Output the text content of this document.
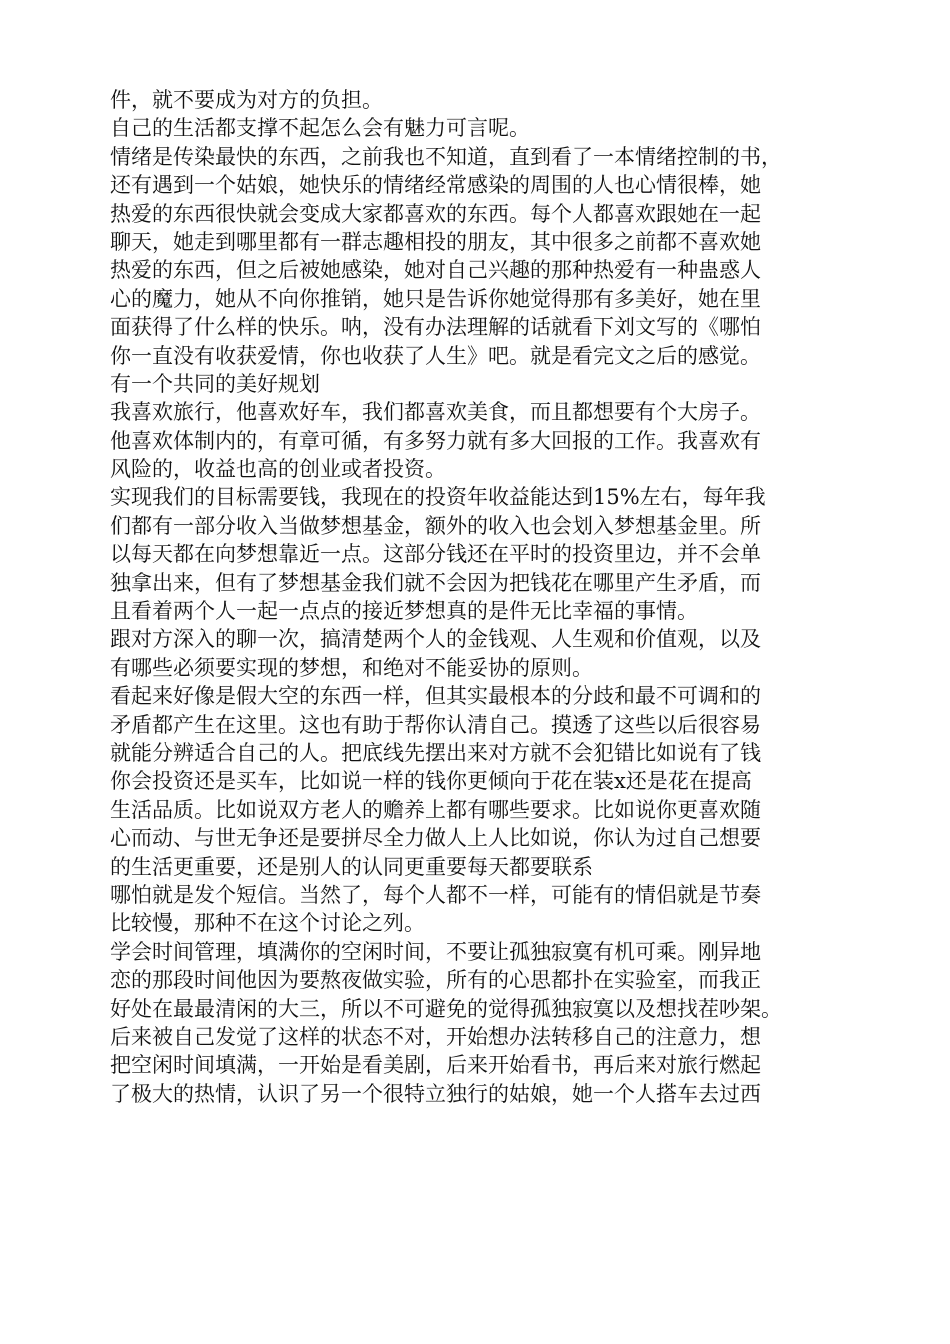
件，就不要成为对方的负担。
自己的生活都支撑不起怎么会有魅力可言呢。
情绪是传染最快的东西，之前我也不知道，直到看了一本情绪控制的书，
还有遇到一个姑娘，她快乐的情绪经常感染的周围的人也心情很棒，她
热爱的东西很快就会变成大家都喜欢的东西。每个人都喜欢跟她在一起
聊天，她走到哪里都有一群志趣相投的朋友，其中很多之前都不喜欢她
热爱的东西，但之后被她感染，她对自己兴趣的那种热爱有一种蛊惑人
心的魔力，她从不向你推销，她只是告诉你她觉得那有多美好，她在里
面获得了什么样的快乐。呐，没有办法理解的话就看下刘文写的《哪怕
你一直没有收获爱情，你也收获了人生》吧。就是看完文之后的感觉。
有一个共同的美好规划
我喜欢旅行，他喜欢好车，我们都喜欢美食，而且都想要有个大房子。
他喜欢体制内的，有章可循，有多努力就有多大回报的工作。我喜欢有
风险的，收益也高的创业或者投资。
实现我们的目标需要钱，我现在的投资年收益能达到15%左右，每年我
们都有一部分收入当做梦想基金，额外的收入也会划入梦想基金里。所
以每天都在向梦想靠近一点。这部分钱还在平时的投资里边，并不会单
独拿出来，但有了梦想基金我们就不会因为把钱花在哪里产生矛盾，而
且看着两个人一起一点点的接近梦想真的是件无比幸福的事情。
跟对方深入的聊一次，搞清楚两个人的金钱观、人生观和价值观，以及
有哪些必须要实现的梦想，和绝对不能妥协的原则。
看起来好像是假大空的东西一样，但其实最根本的分歧和最不可调和的
矛盾都产生在这里。这也有助于帮你认清自己。摸透了这些以后很容易
就能分辨适合自己的人。把底线先摆出来对方就不会犯错比如说有了钱
你会投资还是买车，比如说一样的钱你更倾向于花在装x还是花在提高
生活品质。比如说双方老人的赡养上都有哪些要求。比如说你更喜欢随
心而动、与世无争还是要拼尽全力做人上人比如说，你认为过自己想要
的生活更重要，还是别人的认同更重要每天都要联系
哪怕就是发个短信。当然了，每个人都不一样，可能有的情侣就是节奏
比较慢，那种不在这个讨论之列。
学会时间管理，填满你的空闲时间，不要让孤独寂寞有机可乘。刚异地
恋的那段时间他因为要熬夜做实验，所有的心思都扑在实验室，而我正
好处在最最清闲的大三，所以不可避免的觉得孤独寂寞以及想找茬吵架。
后来被自己发觉了这样的状态不对，开始想办法转移自己的注意力，想
把空闲时间填满，一开始是看美剧，后来开始看书，再后来对旅行燃起
了极大的热情，认识了另一个很特立独行的姑娘，她一个人搭车去过西
